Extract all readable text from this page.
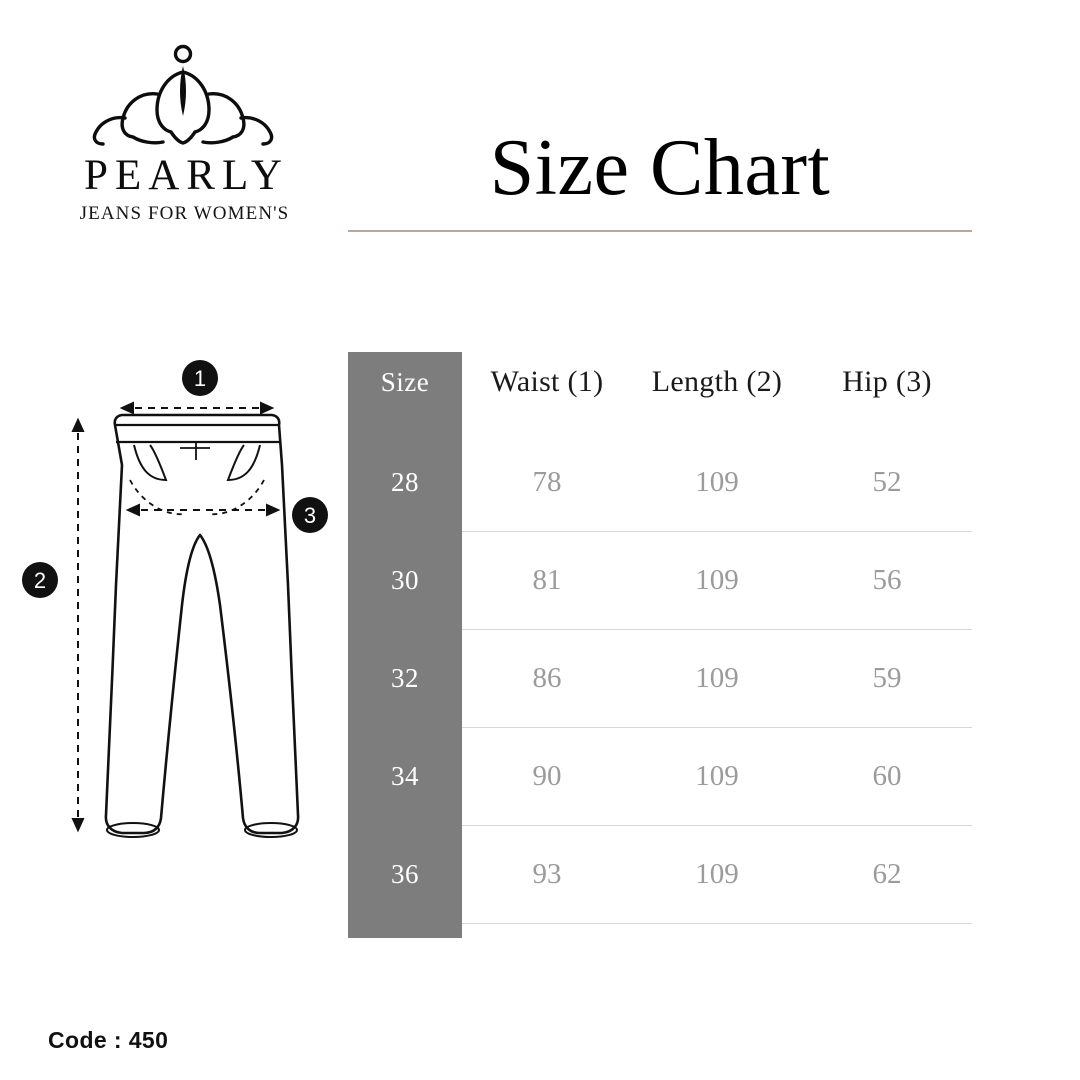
PEARLY
JEANS FOR WOMEN'S
Size Chart
1
2
3
Size	Waist (1)	Length (2)	Hip (3)

28	78	109	52
30	81	109	56
32	86	109	59
34	90	109	60
36	93	109	62

Code : 450
